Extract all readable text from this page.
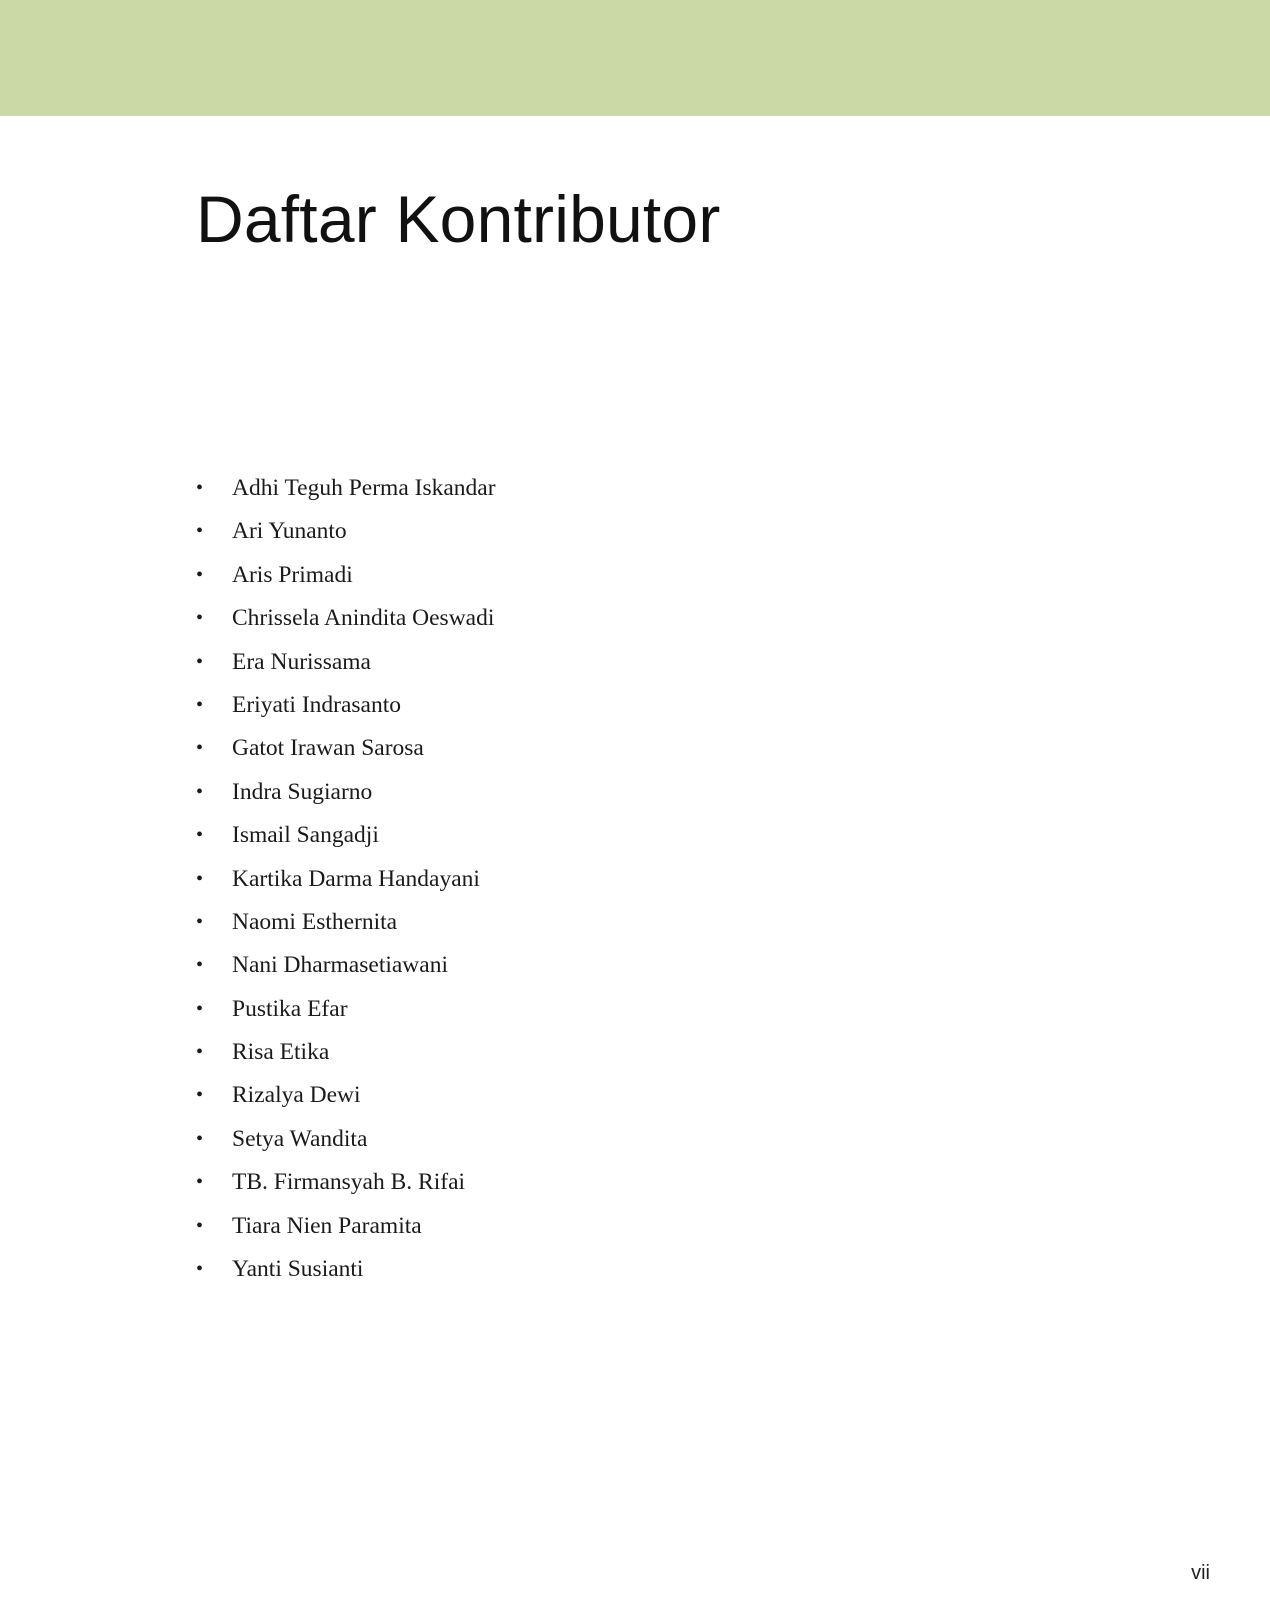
Daftar Kontributor
• Adhi Teguh Perma Iskandar
• Ari Yunanto
• Aris Primadi
• Chrissela Anindita Oeswadi
• Era Nurissama
• Eriyati Indrasanto
• Gatot Irawan Sarosa
• Indra Sugiarno
• Ismail Sangadji
• Kartika Darma Handayani
• Naomi Esthernita
• Nani Dharmasetiawani
• Pustika Efar
• Risa Etika
• Rizalya Dewi
• Setya Wandita
• TB. Firmansyah B. Rifai
• Tiara Nien Paramita
• Yanti Susianti
vii
